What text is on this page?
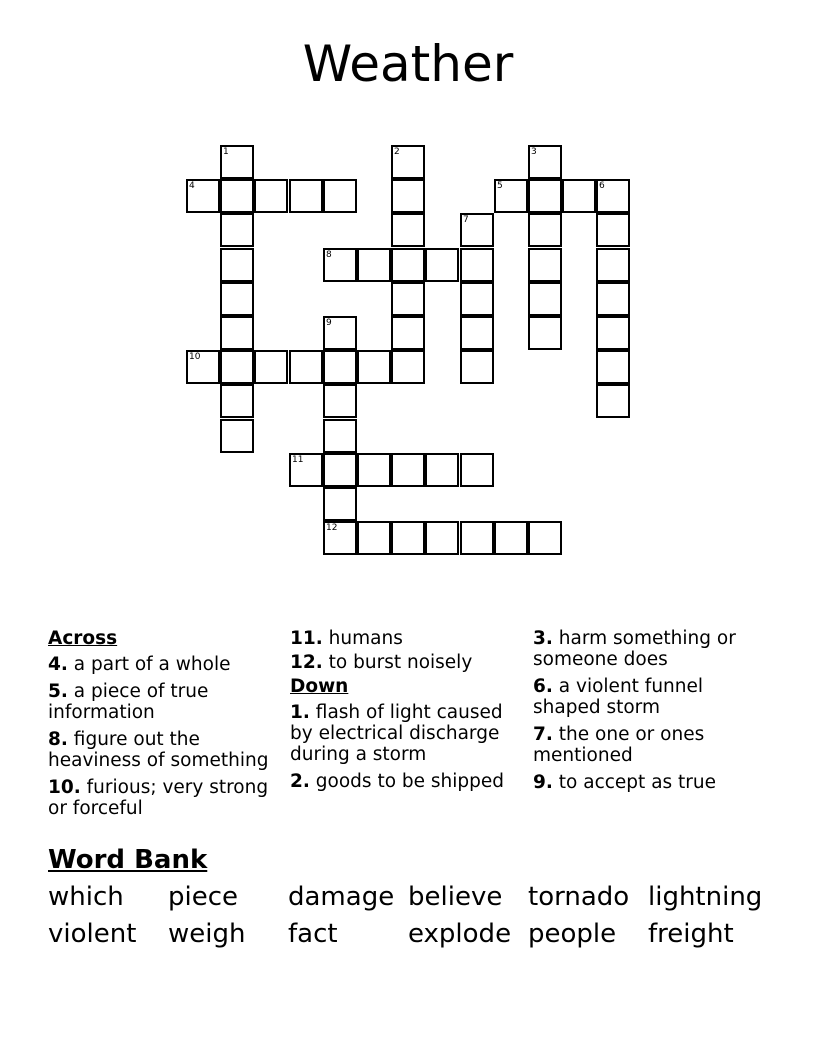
Weather
1	2	3
4	5	6
7
8
9
10
11
12
Across
4. a part of a whole
5. a piece of true information
8. figure out the heaviness of something
10. furious; very strong or forceful
11. humans
12. to burst noisely
Down
1. flash of light caused by electrical discharge during a storm
2. goods to be shipped
3. harm something or someone does
6. a violent funnel shaped storm
7. the one or ones mentioned
9. to accept as true
Word Bank
which	piece	damage believe tornado lightning
violent	weigh	fact	explode people	freight
